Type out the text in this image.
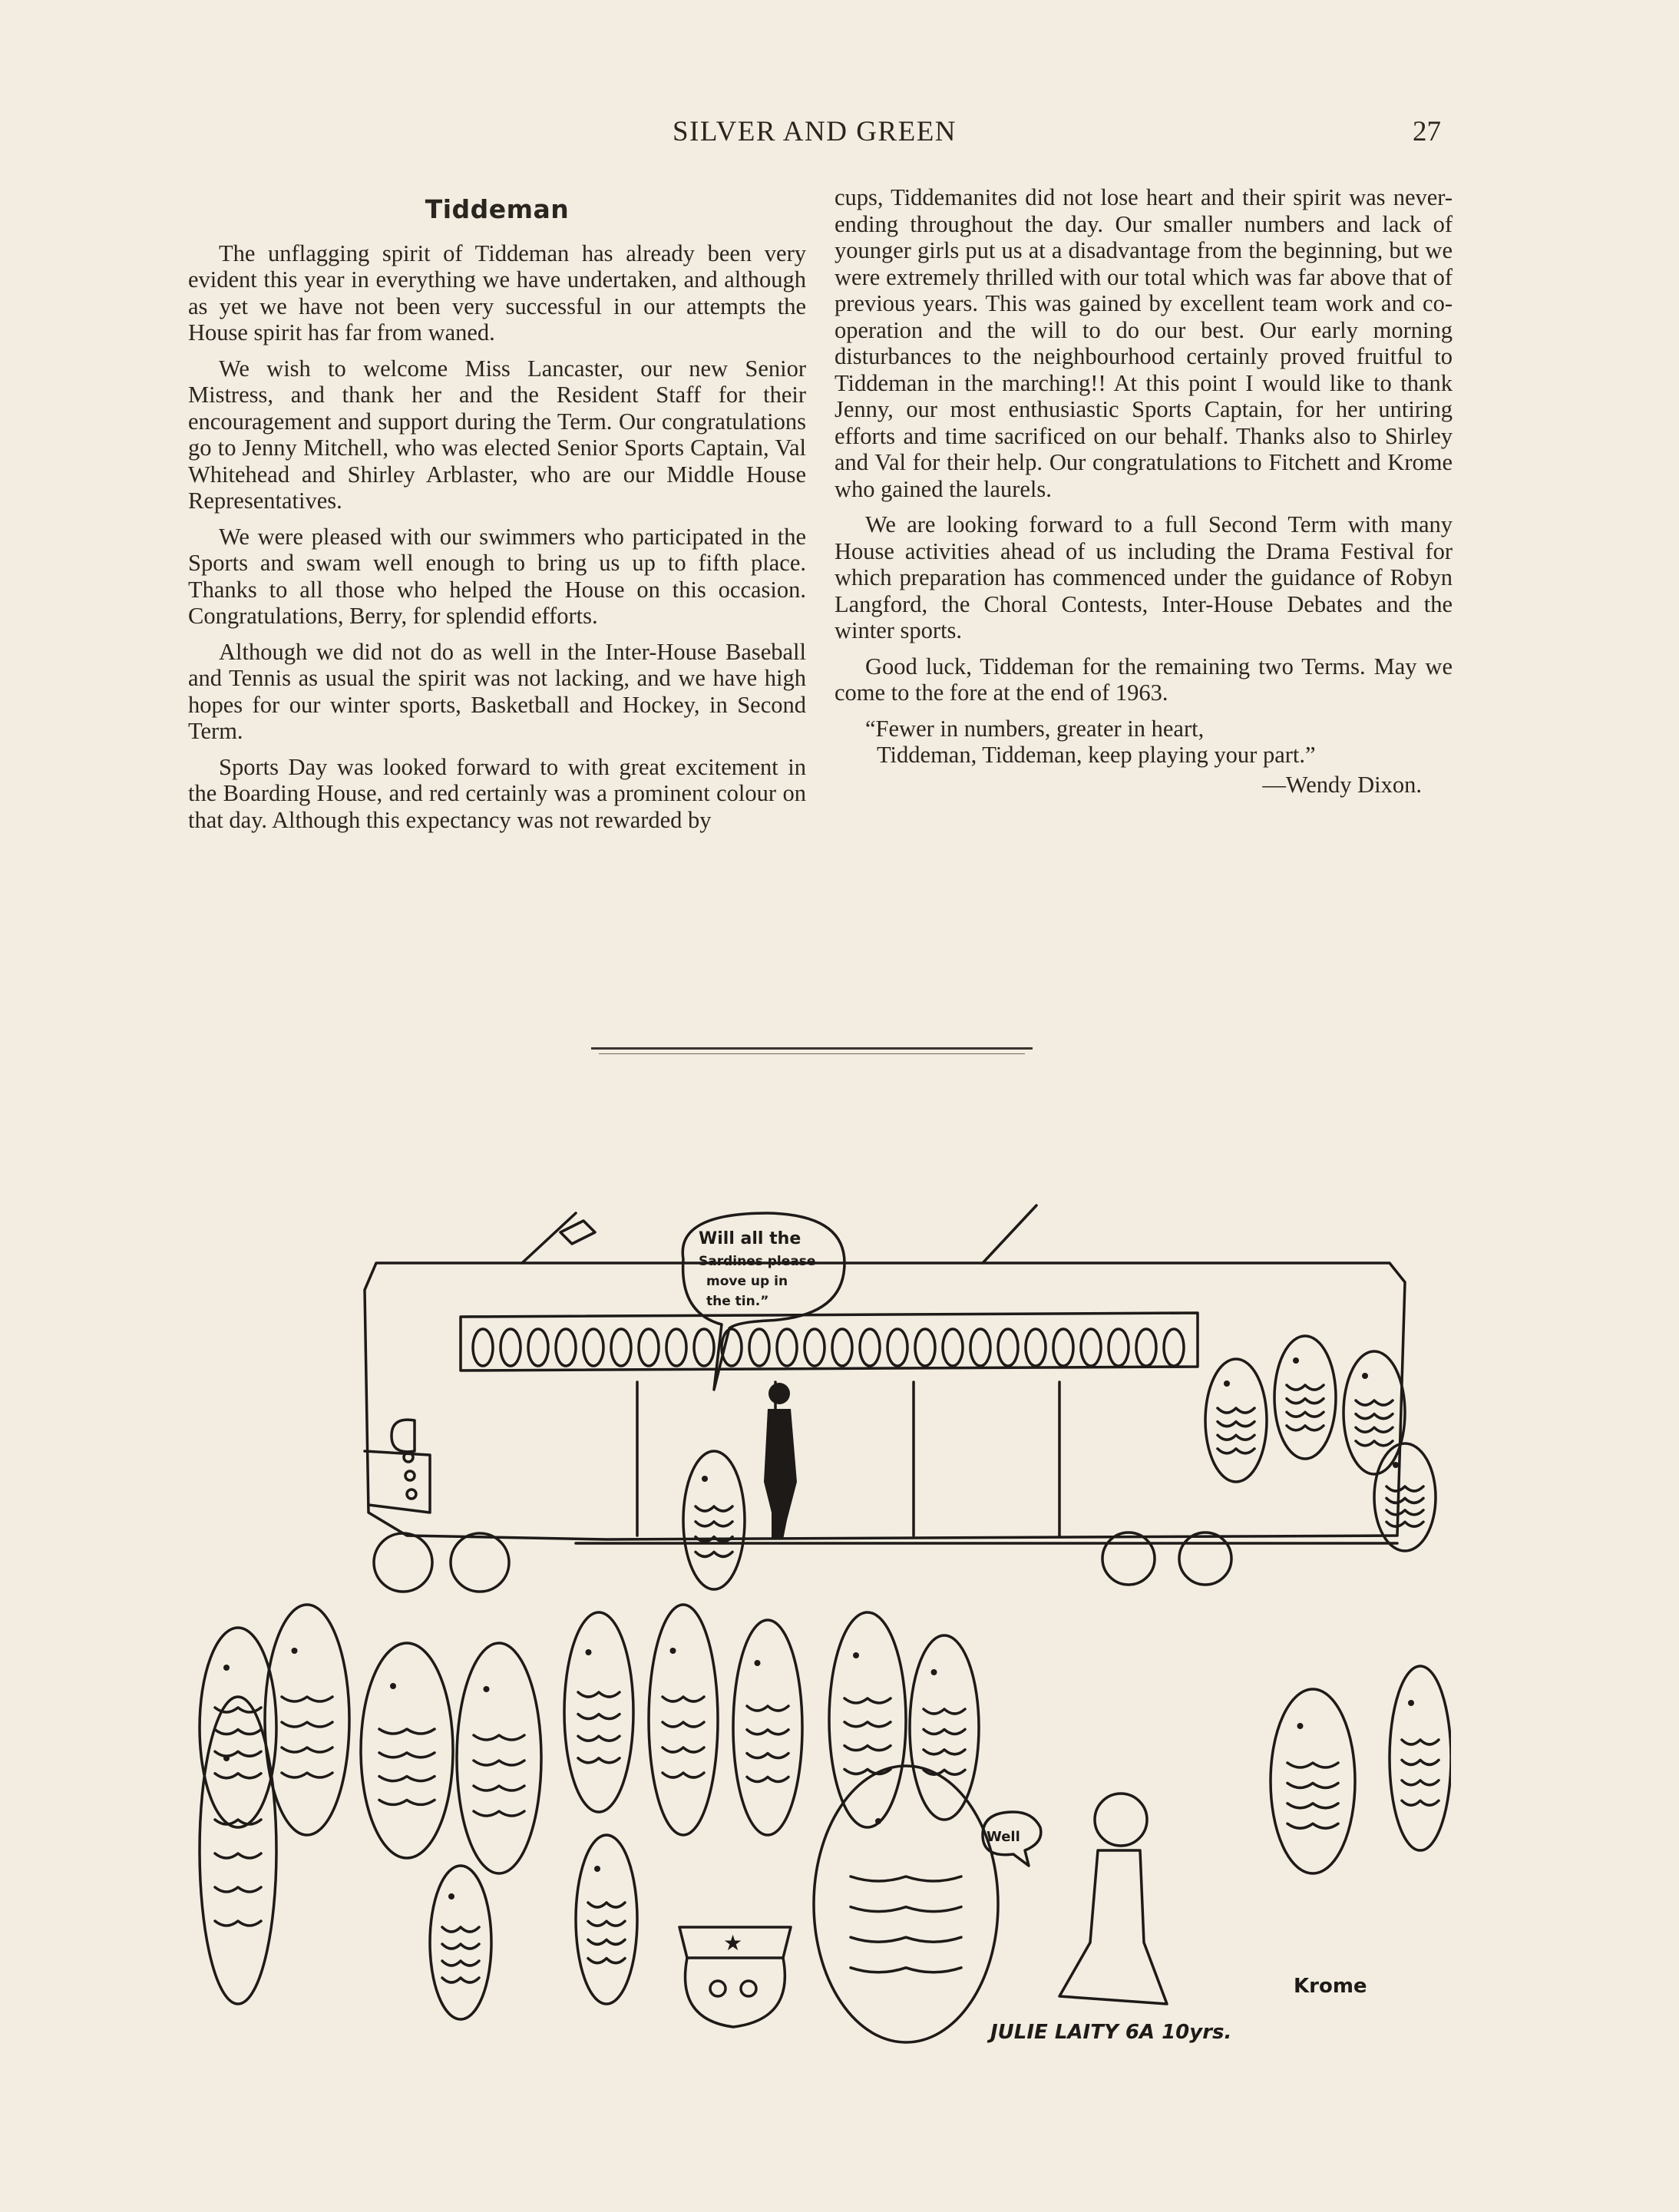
SILVER AND GREEN	27
Tiddeman

The unflagging spirit of Tiddeman has already been very evident this year in everything we have undertaken, and although as yet we have not been very successful in our attempts the House spirit has far from waned.

We wish to welcome Miss Lancaster, our new Senior Mistress, and thank her and the Resident Staff for their encouragement and support during the Term. Our congratulations go to Jenny Mitchell, who was elected Senior Sports Captain, Val Whitehead and Shirley Arblaster, who are our Middle House Representatives.

We were pleased with our swimmers who participated in the Sports and swam well enough to bring us up to fifth place. Thanks to all those who helped the House on this occasion. Congratulations, Berry, for splendid efforts.

Although we did not do as well in the Inter-House Baseball and Tennis as usual the spirit was not lacking, and we have high hopes for our winter sports, Basketball and Hockey, in Second Term.

Sports Day was looked forward to with great excitement in the Boarding House, and red certainly was a prominent colour on that day. Although this expectancy was not rewarded by

cups, Tiddemanites did not lose heart and their spirit was never-ending throughout the day. Our smaller numbers and lack of younger girls put us at a disadvantage from the beginning, but we were extremely thrilled with our total which was far above that of previous years. This was gained by excellent team work and co-operation and the will to do our best. Our early morning disturbances to the neighbourhood certainly proved fruitful to Tiddeman in the marching!! At this point I would like to thank Jenny, our most enthusiastic Sports Captain, for her untiring efforts and time sacrificed on our behalf. Thanks also to Shirley and Val for their help. Our congratulations to Fitchett and Krome who gained the laurels.

We are looking forward to a full Second Term with many House activities ahead of us including the Drama Festival for which preparation has commenced under the guidance of Robyn Langford, the Choral Contests, Inter-House Debates and the winter sports.

Good luck, Tiddeman for the remaining two Terms. May we come to the fore at the end of 1963.

“Fewer in numbers, greater in heart,
Tiddeman, Tiddeman, keep playing your part.”
—Wendy Dixon.
Will all the
Sardines please
move up in
the tin.”
Well
★
Krome
JULIE LAITY 6A 10yrs.
